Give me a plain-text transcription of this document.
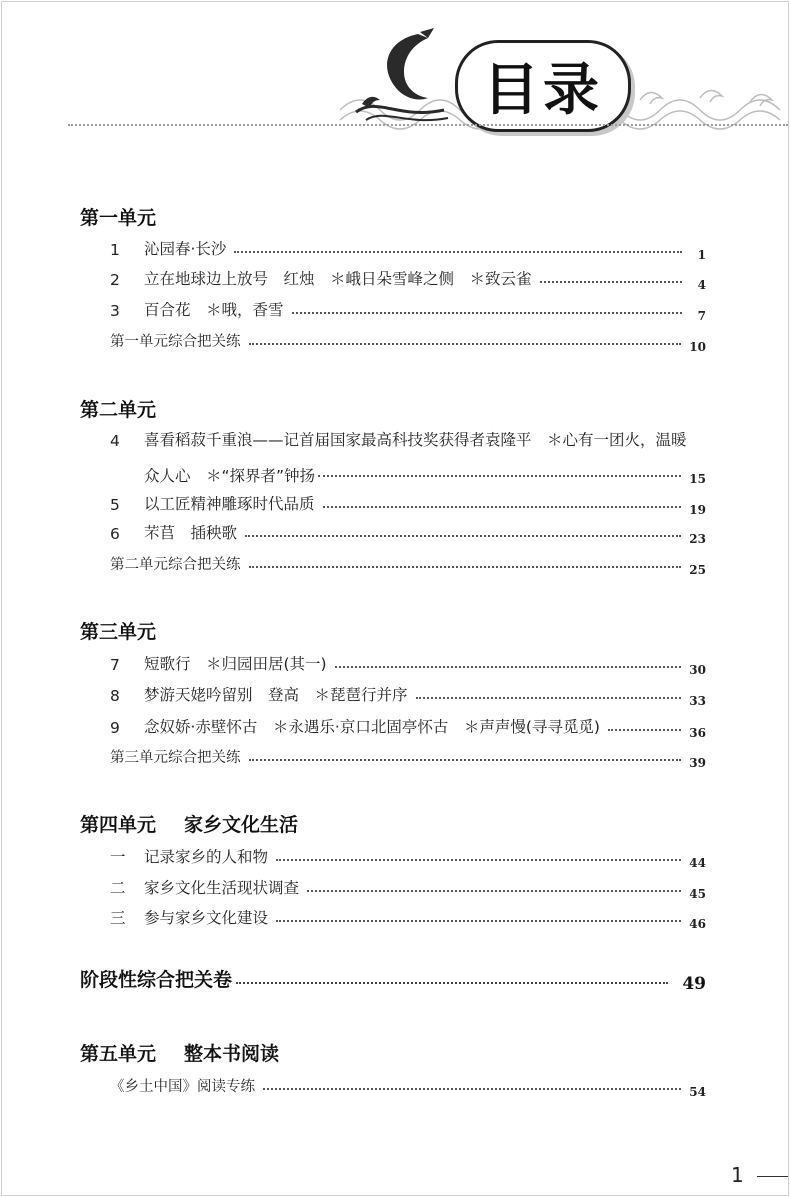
目录
第一单元
1	沁园春·长沙	1
2	立在地球边上放号　红烛　＊峨日朵雪峰之侧　＊致云雀	4
3	百合花　＊哦，香雪	7
第一单元综合把关练	10
第二单元
4	喜看稻菽千重浪——记首届国家最高科技奖获得者袁隆平　＊心有一团火，温暖
众人心　＊“探界者”钟扬	15
5	以工匠精神雕琢时代品质	19
6	芣苢　插秧歌	23
第二单元综合把关练	25
第三单元
7	短歌行　＊归园田居(其一)	30
8	梦游天姥吟留别　登高　＊琵琶行并序	33
9	念奴娇·赤壁怀古　＊永遇乐·京口北固亭怀古　＊声声慢(寻寻觅觅)	36
第三单元综合把关练	39
第四单元 家乡文化生活
一	记录家乡的人和物	44
二	家乡文化生活现状调查	45
三	参与家乡文化建设	46
阶段性综合把关卷	49
第五单元 整本书阅读
《乡土中国》阅读专练	54
1
